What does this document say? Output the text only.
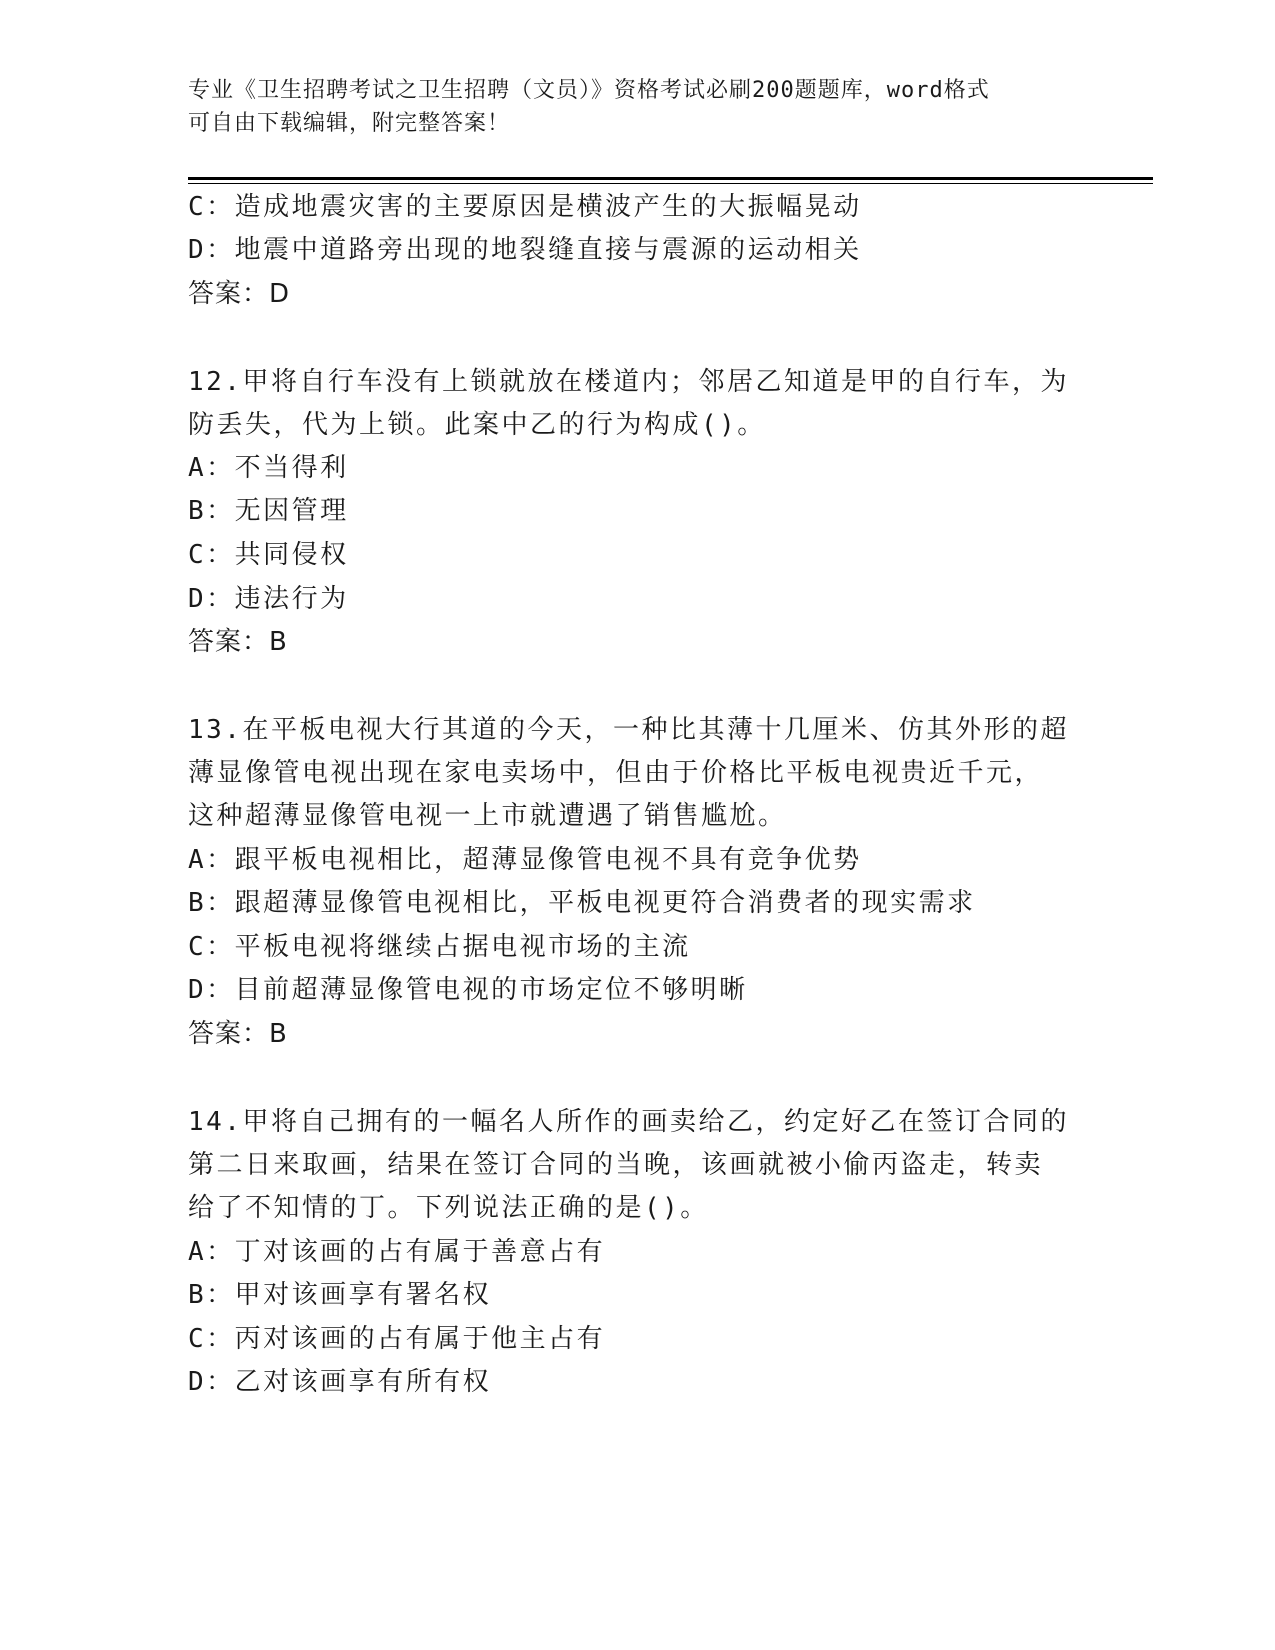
专业《卫生招聘考试之卫生招聘（文员）》资格考试必刷200题题库，word格式
可自由下载编辑，附完整答案！
C：造成地震灾害的主要原因是横波产生的大振幅晃动
D：地震中道路旁出现的地裂缝直接与震源的运动相关
答案：D
12.甲将自行车没有上锁就放在楼道内；邻居乙知道是甲的自行车，为
防丢失，代为上锁。此案中乙的行为构成()。
A：不当得利
B：无因管理
C：共同侵权
D：违法行为
答案：B
13.在平板电视大行其道的今天，一种比其薄十几厘米、仿其外形的超
薄显像管电视出现在家电卖场中，但由于价格比平板电视贵近千元，
这种超薄显像管电视一上市就遭遇了销售尴尬。
A：跟平板电视相比，超薄显像管电视不具有竞争优势
B：跟超薄显像管电视相比，平板电视更符合消费者的现实需求
C：平板电视将继续占据电视市场的主流
D：目前超薄显像管电视的市场定位不够明晰
答案：B
14.甲将自己拥有的一幅名人所作的画卖给乙，约定好乙在签订合同的
第二日来取画，结果在签订合同的当晚，该画就被小偷丙盗走，转卖
给了不知情的丁。下列说法正确的是()。
A：丁对该画的占有属于善意占有
B：甲对该画享有署名权
C：丙对该画的占有属于他主占有
D：乙对该画享有所有权
